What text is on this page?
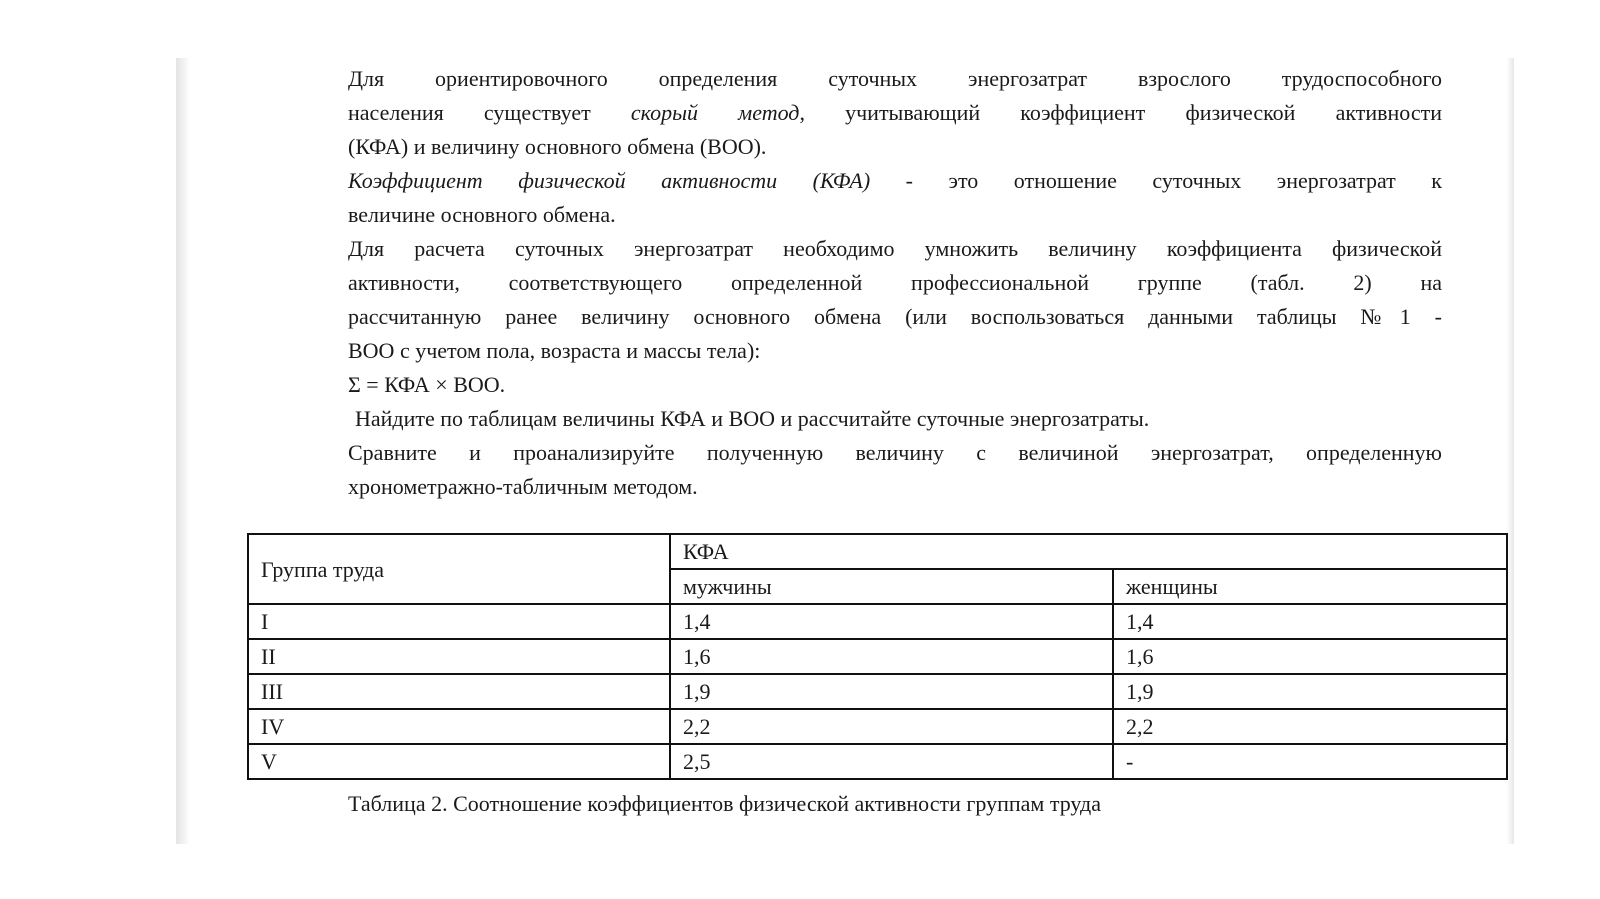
Для ориентировочного определения суточных энергозатрат взрослого трудоспособного
населения существует скорый метод, учитывающий коэффициент физической активности
(КФА) и величину основного обмена (ВОО).
Коэффициент физической активности (КФА) - это отношение суточных энергозатрат к
величине основного обмена.
Для расчета суточных энергозатрат необходимо умножить величину коэффициента физической
активности, соответствующего определенной профессиональной группе (табл. 2) на
рассчитанную ранее величину основного обмена (или воспользоваться данными таблицы №1 -
ВОО с учетом пола, возраста и массы тела):
Σ = КФА × ВОО.
Найдите по таблицам величины КФА и ВОО и рассчитайте суточные энергозатраты.
Сравните и проанализируйте полученную величину с величиной энергозатрат, определенную
хронометражно-табличным методом.
Группа труда	КФА	
	мужчины	женщины
I	1,4	1,4
II	1,6	1,6
III	1,9	1,9
IV	2,2	2,2
V	2,5	-
Таблица 2. Соотношение коэффициентов физической активности группам труда
